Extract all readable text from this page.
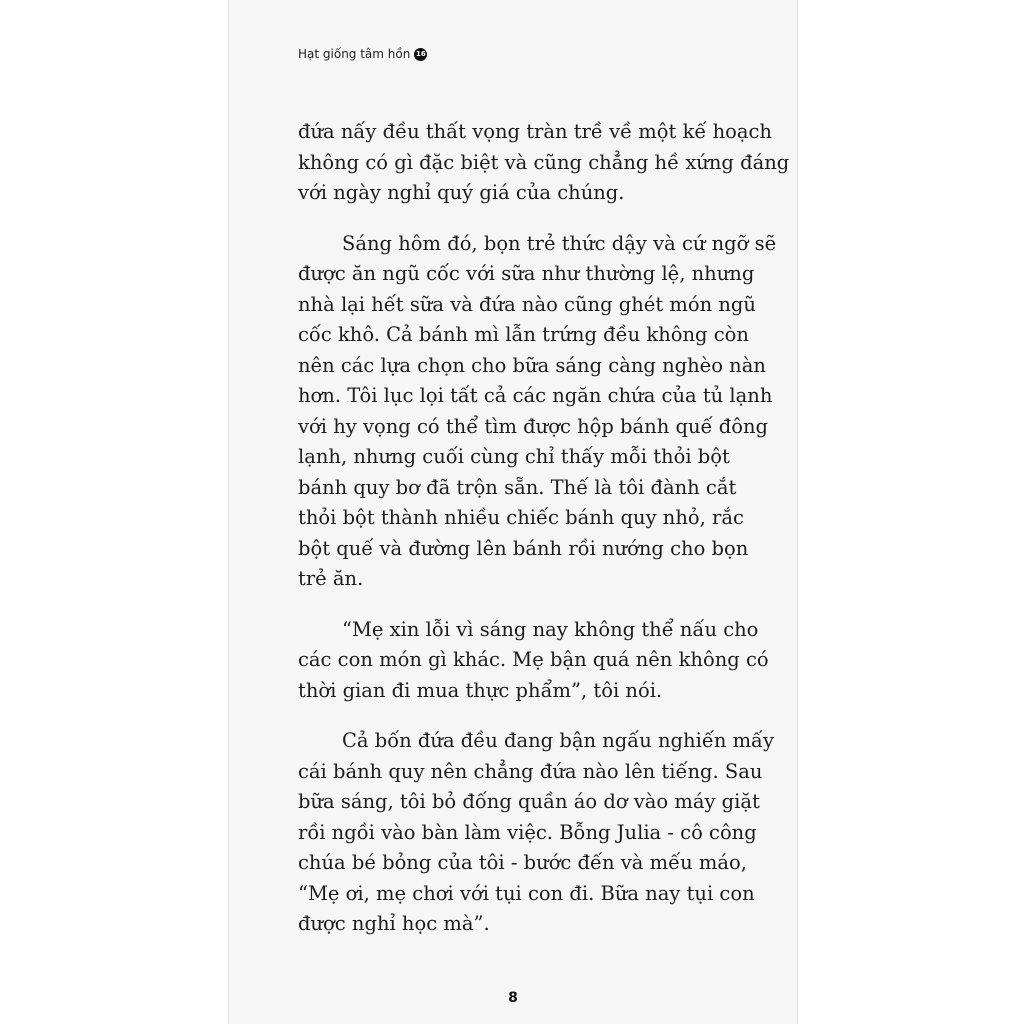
Hạt giống tâm hồn 16

đứa nấy đều thất vọng tràn trề về một kế hoạch
không có gì đặc biệt và cũng chẳng hề xứng đáng
với ngày nghỉ quý giá của chúng.

Sáng hôm đó, bọn trẻ thức dậy và cứ ngỡ sẽ
được ăn ngũ cốc với sữa như thường lệ, nhưng
nhà lại hết sữa và đứa nào cũng ghét món ngũ
cốc khô. Cả bánh mì lẫn trứng đều không còn
nên các lựa chọn cho bữa sáng càng nghèo nàn
hơn. Tôi lục lọi tất cả các ngăn chứa của tủ lạnh
với hy vọng có thể tìm được hộp bánh quế đông
lạnh, nhưng cuối cùng chỉ thấy mỗi thỏi bột
bánh quy bơ đã trộn sẵn. Thế là tôi đành cắt
thỏi bột thành nhiều chiếc bánh quy nhỏ, rắc
bột quế và đường lên bánh rồi nướng cho bọn
trẻ ăn.

“Mẹ xin lỗi vì sáng nay không thể nấu cho
các con món gì khác. Mẹ bận quá nên không có
thời gian đi mua thực phẩm”, tôi nói.

Cả bốn đứa đều đang bận ngấu nghiến mấy
cái bánh quy nên chẳng đứa nào lên tiếng. Sau
bữa sáng, tôi bỏ đống quần áo dơ vào máy giặt
rồi ngồi vào bàn làm việc. Bỗng Julia - cô công
chúa bé bỏng của tôi - bước đến và mếu máo,
“Mẹ ơi, mẹ chơi với tụi con đi. Bữa nay tụi con
được nghỉ học mà”.

8
